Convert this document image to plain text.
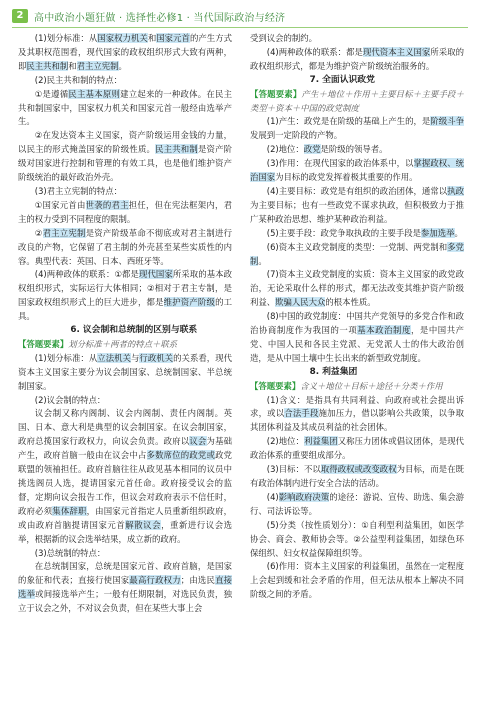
2	高中政治小题狂做 · 选择性必修1 · 当代国际政治与经济

(1)划分标准：从国家权力机关和国家元首的产生方式及其职权范围看，现代国家的政权组织形式大致有两种，即民主共和制和君主立宪制。

(2)民主共和制的特点：

①是遵循民主基本原则建立起来的一种政体。在民主共和制国家中，国家权力机关和国家元首一般经由选举产生。

②在发达资本主义国家，资产阶级运用金钱的力量，以民主的形式掩盖国家的阶级性质。民主共和制是资产阶级对国家进行控制和管理的有效工具，也是他们维护资产阶级统治的最好政治外壳。

(3)君主立宪制的特点：

①国家元首由世袭的君主担任，但在宪法框架内，君主的权力受到不同程度的限制。

②君主立宪制是资产阶级革命不彻底或对君主制进行改良的产物，它保留了君主制的外壳甚至某些实质性的内容。典型代表：英国、日本、西班牙等。

(4)两种政体的联系：①都是现代国家所采取的基本政权组织形式，实际运行大体相同；②相对于君主专制，是国家政权组织形式上的巨大进步，都是维护资产阶级的工具。

6. 议会制和总统制的区别与联系

【答题要素】划分标准＋两者的特点＋联系

(1)划分标准：从立法机关与行政机关的关系看，现代资本主义国家主要分为议会制国家、总统制国家、半总统制国家。

(2)议会制的特点：

议会制又称内阁制、议会内阁制、责任内阁制。英国、日本、意大利是典型的议会制国家。在议会制国家，政府总揽国家行政权力，向议会负责。政府以议会为基础产生，政府首脑一般由在议会中占多数席位的政党或政党联盟的领袖担任。政府首脑往往从政见基本相同的议员中挑选阁员人选，提请国家元首任命。政府接受议会的监督，定期向议会报告工作，但议会对政府表示不信任时，政府必须集体辞职，由国家元首指定人员重新组织政府，或由政府首脑提请国家元首解散议会，重新进行议会选举，根据新的议会选举结果，成立新的政府。

(3)总统制的特点：

在总统制国家，总统是国家元首、政府首脑，是国家的象征和代表；直接行使国家最高行政权力；由选民直接选举或间接选举产生；一般有任期限制，对选民负责，独立于议会之外，不对议会负责，但在某些大事上会

受到议会的制约。

(4)两种政体的联系：都是现代资本主义国家所采取的政权组织形式，都是为维护资产阶级统治服务的。

7. 全面认识政党

【答题要素】产生＋地位＋作用＋主要目标＋主要手段＋类型＋资本＋中国的政党制度

(1)产生：政党是在阶级的基础上产生的，是阶级斗争发展到一定阶段的产物。

(2)地位：政党是阶级的领导者。

(3)作用：在现代国家的政治体系中，以掌握政权、统治国家为目标的政党发挥着极其重要的作用。

(4)主要目标：政党是有组织的政治团体，通常以执政为主要目标；也有一些政党不谋求执政，但积极致力于推广某种政治思想、维护某种政治利益。

(5)主要手段：政党争取执政的主要手段是参加选举。

(6)资本主义政党制度的类型：一党制、两党制和多党制。

(7)资本主义政党制度的实质：资本主义国家的政党政治，无论采取什么样的形式，都无法改变其维护资产阶级利益、欺骗人民大众的根本性质。

(8)中国的政党制度：中国共产党领导的多党合作和政治协商制度作为我国的一项基本政治制度，是中国共产党、中国人民和各民主党派、无党派人士的伟大政治创造，是从中国土壤中生长出来的新型政党制度。

8. 利益集团

【答题要素】含义＋地位＋目标＋途径＋分类＋作用

(1)含义：是指具有共同利益、向政府或社会提出诉求，或以合法手段施加压力，借以影响公共政策，以争取其团体利益及其成员利益的社会团体。

(2)地位：利益集团又称压力团体或倡议团体，是现代政治体系的重要组成部分。

(3)目标：不以取得政权或改变政权为目标，而是在既有政治体制内进行安全合法的活动。

(4)影响政府决策的途径：游说、宣传、助选、集会游行、司法诉讼等。

(5)分类（按性质划分）：①自利型利益集团，如医学协会、商会、教师协会等。②公益型利益集团，如绿色环保组织、妇女权益保障组织等。

(6)作用：资本主义国家的利益集团，虽然在一定程度上会起到缓和社会矛盾的作用，但无法从根本上解决不同阶级之间的矛盾。
